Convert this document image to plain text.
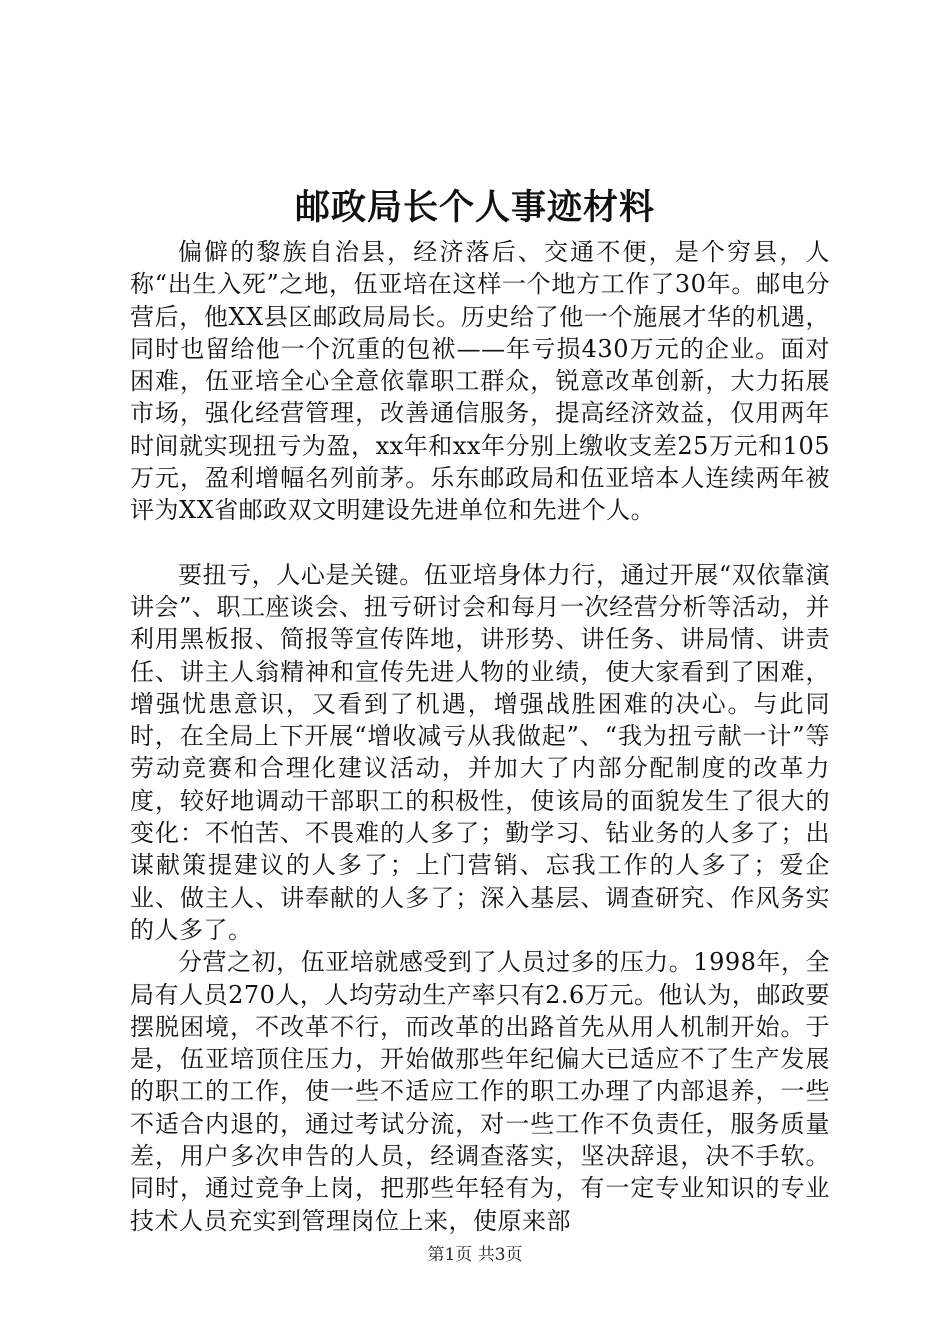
邮政局长个人事迹材料

偏僻的黎族自治县，经济落后、交通不便，是个穷县，人称“出生入死”之地，伍亚培在这样一个地方工作了30年。邮电分营后，他XX县区邮政局局长。历史给了他一个施展才华的机遇，同时也留给他一个沉重的包袱——年亏损430万元的企业。面对困难，伍亚培全心全意依靠职工群众，锐意改革创新，大力拓展市场，强化经营管理，改善通信服务，提高经济效益，仅用两年时间就实现扭亏为盈，xx年和xx年分别上缴收支差25万元和105万元，盈利增幅名列前茅。乐东邮政局和伍亚培本人连续两年被评为XX省邮政双文明建设先进单位和先进个人。

要扭亏，人心是关键。伍亚培身体力行，通过开展“双依靠演讲会”、职工座谈会、扭亏研讨会和每月一次经营分析等活动，并利用黑板报、简报等宣传阵地，讲形势、讲任务、讲局情、讲责任、讲主人翁精神和宣传先进人物的业绩，使大家看到了困难，增强忧患意识，又看到了机遇，增强战胜困难的决心。与此同时，在全局上下开展“增收减亏从我做起”、“我为扭亏献一计”等劳动竞赛和合理化建议活动，并加大了内部分配制度的改革力度，较好地调动干部职工的积极性，使该局的面貌发生了很大的变化：不怕苦、不畏难的人多了；勤学习、钻业务的人多了；出谋献策提建议的人多了；上门营销、忘我工作的人多了；爱企业、做主人、讲奉献的人多了；深入基层、调查研究、作风务实的人多了。

分营之初，伍亚培就感受到了人员过多的压力。1998年，全局有人员270人，人均劳动生产率只有2.6万元。他认为，邮政要摆脱困境，不改革不行，而改革的出路首先从用人机制开始。于是，伍亚培顶住压力，开始做那些年纪偏大已适应不了生产发展的职工的工作，使一些不适应工作的职工办理了内部退养，一些不适合内退的，通过考试分流，对一些工作不负责任，服务质量差，用户多次申告的人员，经调查落实，坚决辞退，决不手软。同时，通过竞争上岗，把那些年轻有为，有一定专业知识的专业技术人员充实到管理岗位上来，使原来部

第1页 共3页
